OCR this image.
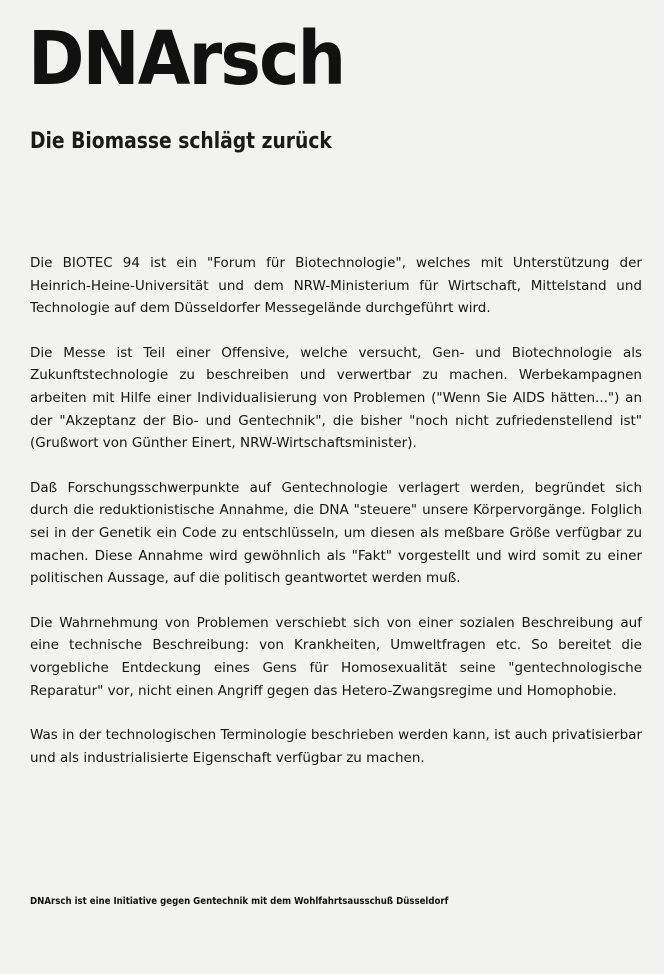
DNArsch
Die Biomasse schlägt zurück

Die BIOTEC 94 ist ein "Forum für Biotechnologie", welches mit Unterstützung der Heinrich-Heine-Universität und dem NRW-Ministerium für Wirtschaft, Mittelstand und Technologie auf dem Düsseldorfer Messegelände durchgeführt wird.

Die Messe ist Teil einer Offensive, welche versucht, Gen- und Biotechnologie als Zukunftstechnologie zu beschreiben und verwertbar zu machen. Werbekampagnen arbeiten mit Hilfe einer Individualisierung von Problemen ("Wenn Sie AIDS hätten...") an der "Akzeptanz der Bio- und Gentechnik", die bisher "noch nicht zufriedenstellend ist" (Grußwort von Günther Einert, NRW-Wirtschaftsminister).

Daß Forschungsschwerpunkte auf Gentechnologie verlagert werden, begründet sich durch die reduktionistische Annahme, die DNA "steuere" unsere Körpervorgänge. Folglich sei in der Genetik ein Code zu entschlüsseln, um diesen als meßbare Größe verfügbar zu machen. Diese Annahme wird gewöhnlich als "Fakt" vorgestellt und wird somit zu einer politischen Aussage, auf die politisch geantwortet werden muß.

Die Wahrnehmung von Problemen verschiebt sich von einer sozialen Beschreibung auf eine technische Beschreibung: von Krankheiten, Umweltfragen etc. So bereitet die vorgebliche Entdeckung eines Gens für Homosexualität seine "gentechnologische Reparatur" vor, nicht einen Angriff gegen das Hetero-Zwangsregime und Homophobie.

Was in der technologischen Terminologie beschrieben werden kann, ist auch privatisierbar und als industrialisierte Eigenschaft verfügbar zu machen.

DNArsch ist eine Initiative gegen Gentechnik mit dem Wohlfahrtsausschuß Düsseldorf
